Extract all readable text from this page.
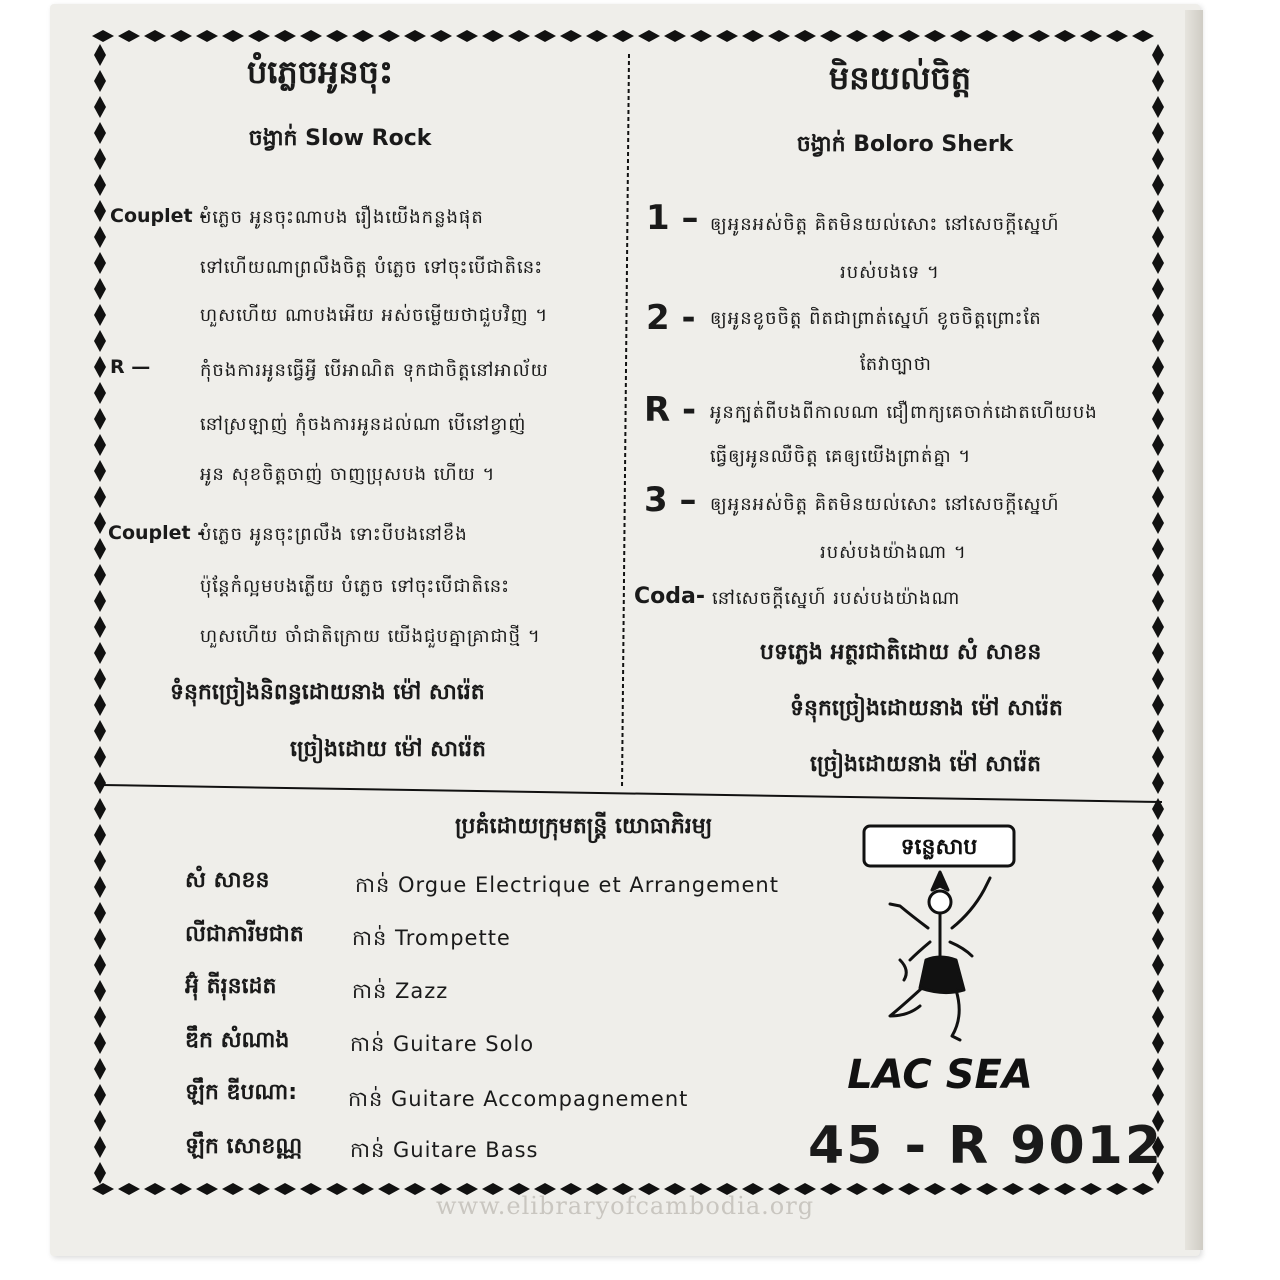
បំភ្លេចអូនចុះ
ចង្វាក់ Slow Rock
Couplet -
បំភ្លេច អូនចុះណាបង រឿងយើងកន្លងផុត
ទៅហើយណាព្រលឹងចិត្ត បំភ្លេច ទៅចុះបើជាតិនេះ
ហួសហើយ ណាបងអើយ អស់ចម្លើយថាជួបវិញ ។
R —	កុំចងការអូនធ្វើអ្វី បើអាណិត ទុកជាចិត្តនៅអាល័យ
នៅស្រឡាញ់ កុំចងការអូនដល់ណា បើនៅខ្វាញ់
អូន សុខចិត្តចាញ់ ចាញប្រុសបង ហើយ ។
Couplet -
បំភ្លេច អូនចុះព្រលឹង ទោះបីបងនៅខឹង
ប៉ុន្តែកំល្អមបងភ្លើយ បំភ្លេច ទៅចុះបើជាតិនេះ
ហួសហើយ ចាំជាតិក្រោយ យើងជួបគ្នាគ្រាជាថ្មី ។
ទំនុកច្រៀងនិពន្ធដោយនាង ម៉ៅ សារ៉េត
ច្រៀងដោយ ម៉ៅ សារ៉េត
មិនយល់ចិត្ត
ចង្វាក់ Boloro Sherk
1 – ឲ្យអូនអស់ចិត្ត គិតមិនយល់សោះ នៅសេចក្តីស្នេហ៍
របស់បងទេ ។
2 - ឲ្យអូនខូចចិត្ត ពិតជាព្រាត់ស្នេហ៍ ខូចចិត្តព្រោះតែ
តែវាច្បាថា
R - អូនក្បត់ពីបងពីកាលណា ជឿពាក្យគេចាក់ដោតហើយបង
ធ្វើឲ្យអូនឈឺចិត្ត គេឲ្យយើងព្រាត់គ្នា ។
3 – ឲ្យអូនអស់ចិត្ត គិតមិនយល់សោះ នៅសេចក្តីស្នេហ៍
របស់បងយ៉ាងណា ។
Coda- នៅសេចក្តីស្នេហ៍ របស់បងយ៉ាងណា
បទភ្លេង អត្ថរជាតិដោយ សំ សាខន
ទំនុកច្រៀងដោយនាង ម៉ៅ សារ៉េត
ច្រៀងដោយនាង ម៉ៅ សារ៉េត
ប្រគំដោយក្រុមតន្ត្រី យោធាភិរម្យ
សំ សាខន	កាន់ Orgue Electrique et Arrangement
លីជាភារីមជាត កាន់ Trompette
អ៊ុំ តីរុនដេត	កាន់ Zazz
ឌឹក សំណាង	កាន់ Guitare Solo
ឡឹក ឌីបណា: កាន់ Guitare Accompagnement
ឡឹក សោខណ្ណ កាន់ Guitare Bass
ទន្លេសាប
LAC SEA
45 - R 9012
www.elibraryofcambodia.org
